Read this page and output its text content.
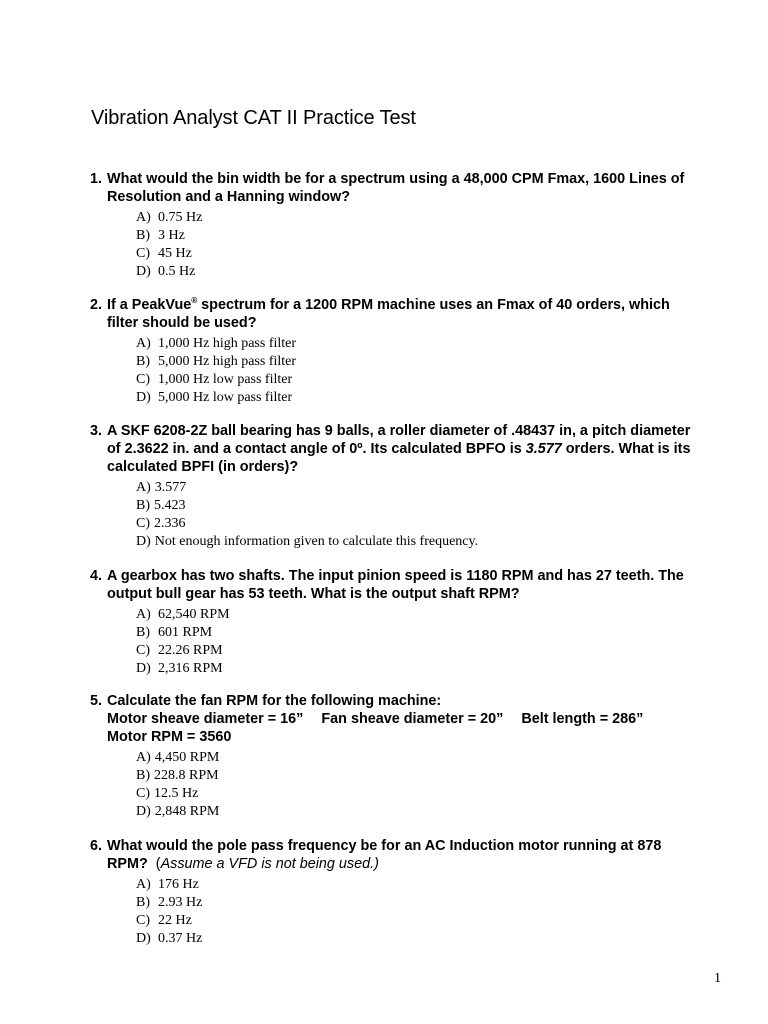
Vibration Analyst CAT II Practice Test
1. What would the bin width be for a spectrum using a 48,000 CPM Fmax, 1600 Lines of
Resolution and a Hanning window?
A) 0.75 Hz
B) 3 Hz
C) 45 Hz
D) 0.5 Hz
2. If a PeakVue® spectrum for a 1200 RPM machine uses an Fmax of 40 orders, which
filter should be used?
A) 1,000 Hz high pass filter
B) 5,000 Hz high pass filter
C) 1,000 Hz low pass filter
D) 5,000 Hz low pass filter
3. A SKF 6208-2Z ball bearing has 9 balls, a roller diameter of .48437 in, a pitch diameter
of 2.3622 in. and a contact angle of 0º. Its calculated BPFO is 3.577 orders. What is its
calculated BPFI (in orders)?
A) 3.577
B) 5.423
C) 2.336
D) Not enough information given to calculate this frequency.
4. A gearbox has two shafts. The input pinion speed is 1180 RPM and has 27 teeth. The
output bull gear has 53 teeth. What is the output shaft RPM?
A) 62,540 RPM
B) 601 RPM
C) 22.26 RPM
D) 2,316 RPM
5. Calculate the fan RPM for the following machine:
Motor sheave diameter = 16” Fan sheave diameter = 20” Belt length = 286”
Motor RPM = 3560
A) 4,450 RPM
B) 228.8 RPM
C) 12.5 Hz
D) 2,848 RPM
6. What would the pole pass frequency be for an AC Induction motor running at 878
RPM?  (Assume a VFD is not being used.)
A) 176 Hz
B) 2.93 Hz
C) 22 Hz
D) 0.37 Hz
1
